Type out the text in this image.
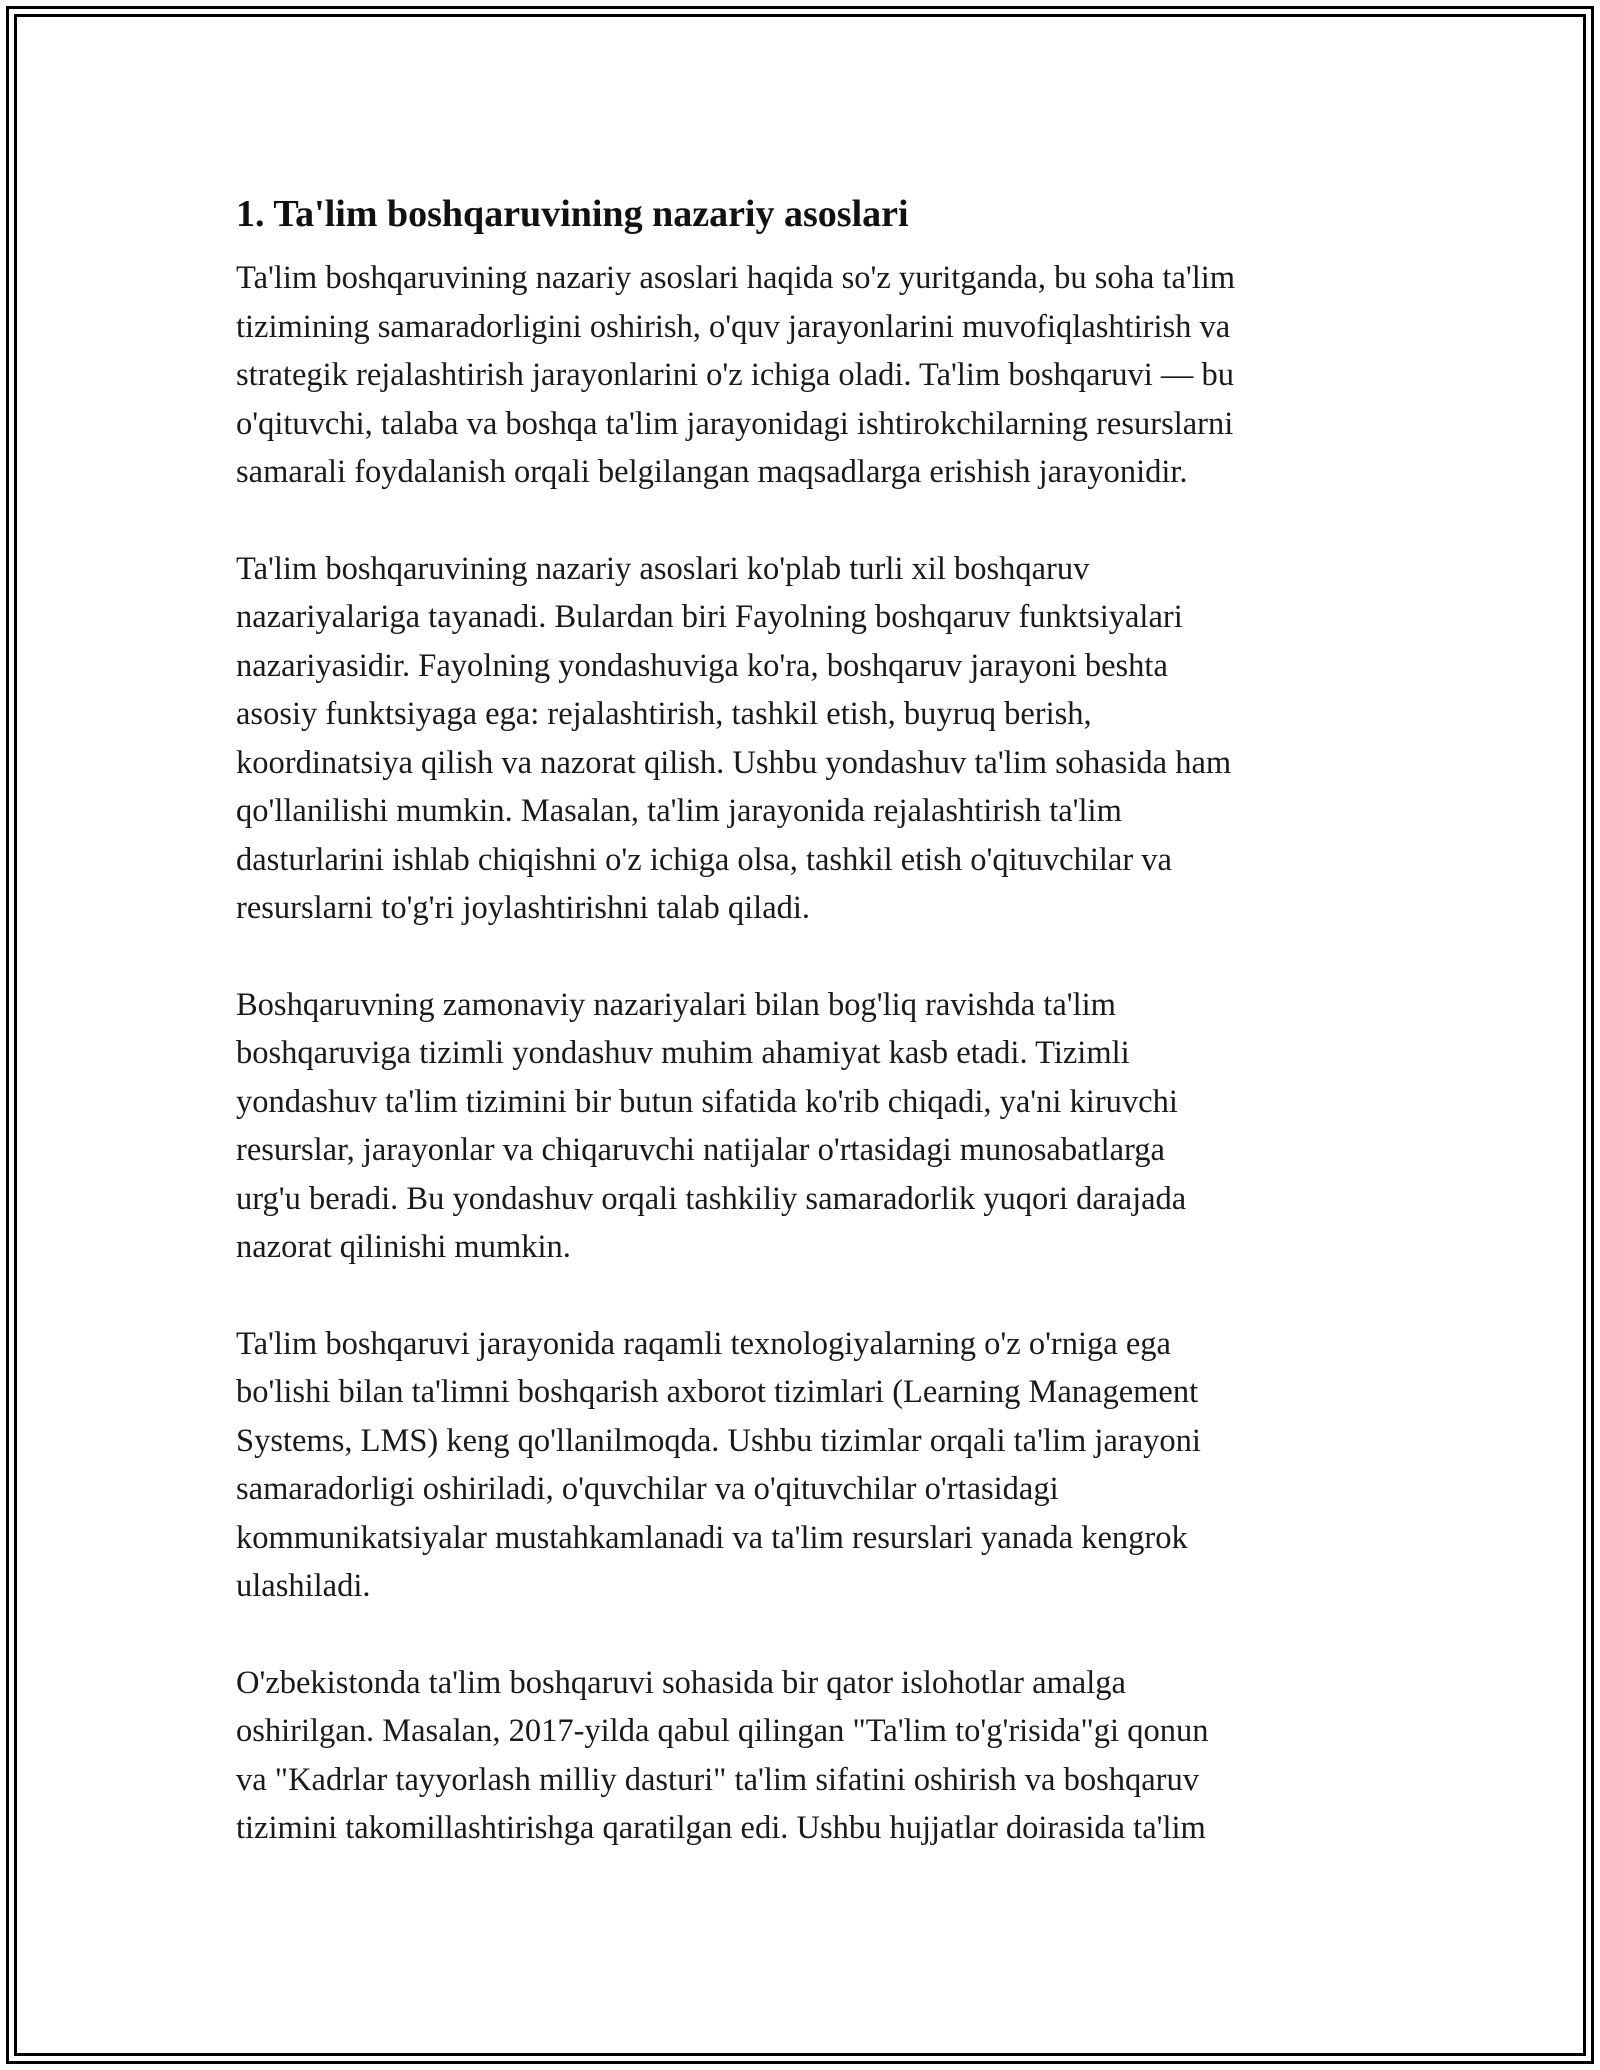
1. Ta'lim boshqaruvining nazariy asoslari

Ta'lim boshqaruvining nazariy asoslari haqida so'z yuritganda, bu soha ta'lim
tizimining samaradorligini oshirish, o'quv jarayonlarini muvofiqlashtirish va
strategik rejalashtirish jarayonlarini o'z ichiga oladi. Ta'lim boshqaruvi — bu
o'qituvchi, talaba va boshqa ta'lim jarayonidagi ishtirokchilarning resurslarni
samarali foydalanish orqali belgilangan maqsadlarga erishish jarayonidir.

Ta'lim boshqaruvining nazariy asoslari ko'plab turli xil boshqaruv
nazariyalariga tayanadi. Bulardan biri Fayolning boshqaruv funktsiyalari
nazariyasidir. Fayolning yondashuviga ko'ra, boshqaruv jarayoni beshta
asosiy funktsiyaga ega: rejalashtirish, tashkil etish, buyruq berish,
koordinatsiya qilish va nazorat qilish. Ushbu yondashuv ta'lim sohasida ham
qo'llanilishi mumkin. Masalan, ta'lim jarayonida rejalashtirish ta'lim
dasturlarini ishlab chiqishni o'z ichiga olsa, tashkil etish o'qituvchilar va
resurslarni to'g'ri joylashtirishni talab qiladi.

Boshqaruvning zamonaviy nazariyalari bilan bog'liq ravishda ta'lim
boshqaruviga tizimli yondashuv muhim ahamiyat kasb etadi. Tizimli
yondashuv ta'lim tizimini bir butun sifatida ko'rib chiqadi, ya'ni kiruvchi
resurslar, jarayonlar va chiqaruvchi natijalar o'rtasidagi munosabatlarga
urg'u beradi. Bu yondashuv orqali tashkiliy samaradorlik yuqori darajada
nazorat qilinishi mumkin.

Ta'lim boshqaruvi jarayonida raqamli texnologiyalarning o'z o'rniga ega
bo'lishi bilan ta'limni boshqarish axborot tizimlari (Learning Management
Systems, LMS) keng qo'llanilmoqda. Ushbu tizimlar orqali ta'lim jarayoni
samaradorligi oshiriladi, o'quvchilar va o'qituvchilar o'rtasidagi
kommunikatsiyalar mustahkamlanadi va ta'lim resurslari yanada kengrok
ulashiladi.

O'zbekistonda ta'lim boshqaruvi sohasida bir qator islohotlar amalga
oshirilgan. Masalan, 2017-yilda qabul qilingan "Ta'lim to'g'risida"gi qonun
va "Kadrlar tayyorlash milliy dasturi" ta'lim sifatini oshirish va boshqaruv
tizimini takomillashtirishga qaratilgan edi. Ushbu hujjatlar doirasida ta'lim
